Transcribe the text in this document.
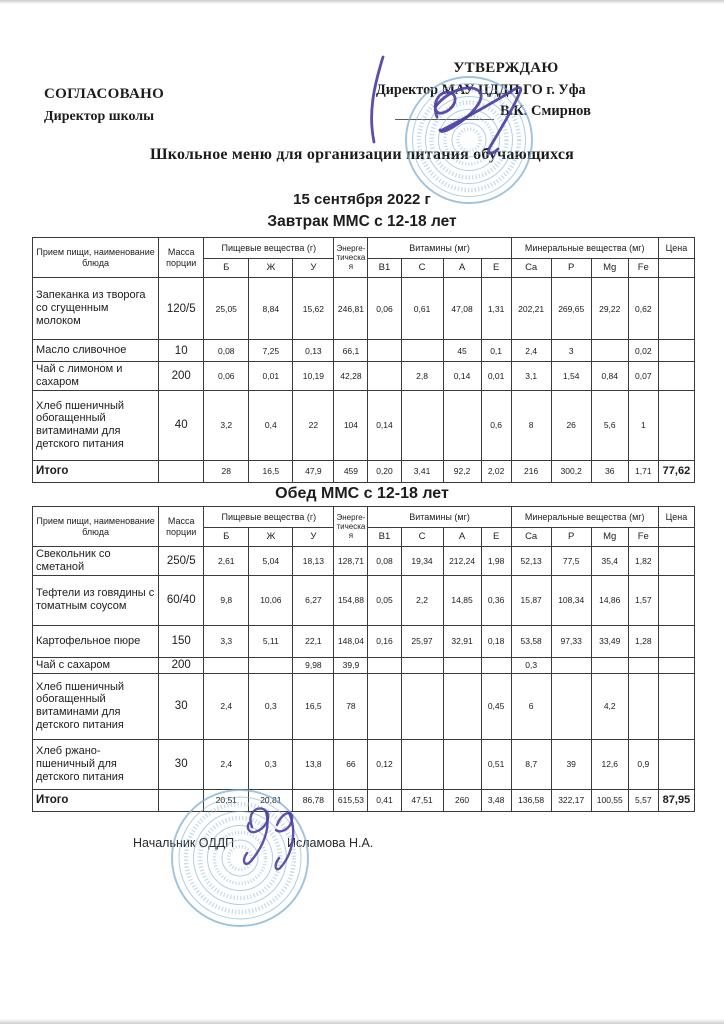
СОГЛАСОВАНО
Директор школы
УТВЕРЖДАЮ
Директор МАУ ЦДДП ГО г. Уфа
В.К. Смирнов
Школьное меню для организации питания обучающихся
15 сентября 2022 г
Завтрак ММС с 12-18 лет
Прием пищи, наименование блюда	Масса порции	Пищевые вещества (г)			Энерге-тическая	Витамины (мг)				Минеральные вещества (мг)				Цена
		Б	Ж	У		B1	C	A	E	Ca	P	Mg	Fe	
Запеканка из творога со сгущенным молоком	120/5	25,05	8,84	15,62	246,81	0,06	0,61	47,08	1,31	202,21	269,65	29,22	0,62	
Масло сливочное	10	0,08	7,25	0,13	66,1			45	0,1	2,4	3		0,02	
Чай с лимоном и сахаром	200	0,06	0,01	10,19	42,28		2,8	0,14	0,01	3,1	1,54	0,84	0,07	
Хлеб пшеничный обогащенный витаминами для детского питания	40	3,2	0,4	22	104	0,14			0,6	8	26	5,6	1	
Итого		28	16,5	47,9	459	0,20	3,41	92,2	2,02	216	300,2	36	1,71	77,62
Обед ММС с 12-18 лет
Прием пищи, наименование блюда	Масса порции	Пищевые вещества (г)			Энерге-тическая	Витамины (мг)				Минеральные вещества (мг)				Цена
		Б	Ж	У		B1	C	A	E	Ca	P	Mg	Fe	
Свекольник со сметаной	250/5	2,61	5,04	18,13	128,71	0,08	19,34	212,24	1,98	52,13	77,5	35,4	1,82	
Тефтели из говядины с томатным соусом	60/40	9,8	10,06	6,27	154,88	0,05	2,2	14,85	0,36	15,87	108,34	14,86	1,57	
Картофельное пюре	150	3,3	5,11	22,1	148,04	0,16	25,97	32,91	0,18	53,58	97,33	33,49	1,28	
Чай с сахаром	200			9,98	39,9					0,3				
Хлеб пшеничный обогащенный витаминами для детского питания	30	2,4	0,3	16,5	78				0,45	6		4,2		
Хлеб ржано-пшеничный для детского питания	30	2,4	0,3	13,8	66	0,12			0,51	8,7	39	12,6	0,9	
Итого		20,51	20,81	86,78	615,53	0,41	47,51	260	3,48	136,58	322,17	100,55	5,57	87,95
Начальник ОДДП	Исламова Н.А.
